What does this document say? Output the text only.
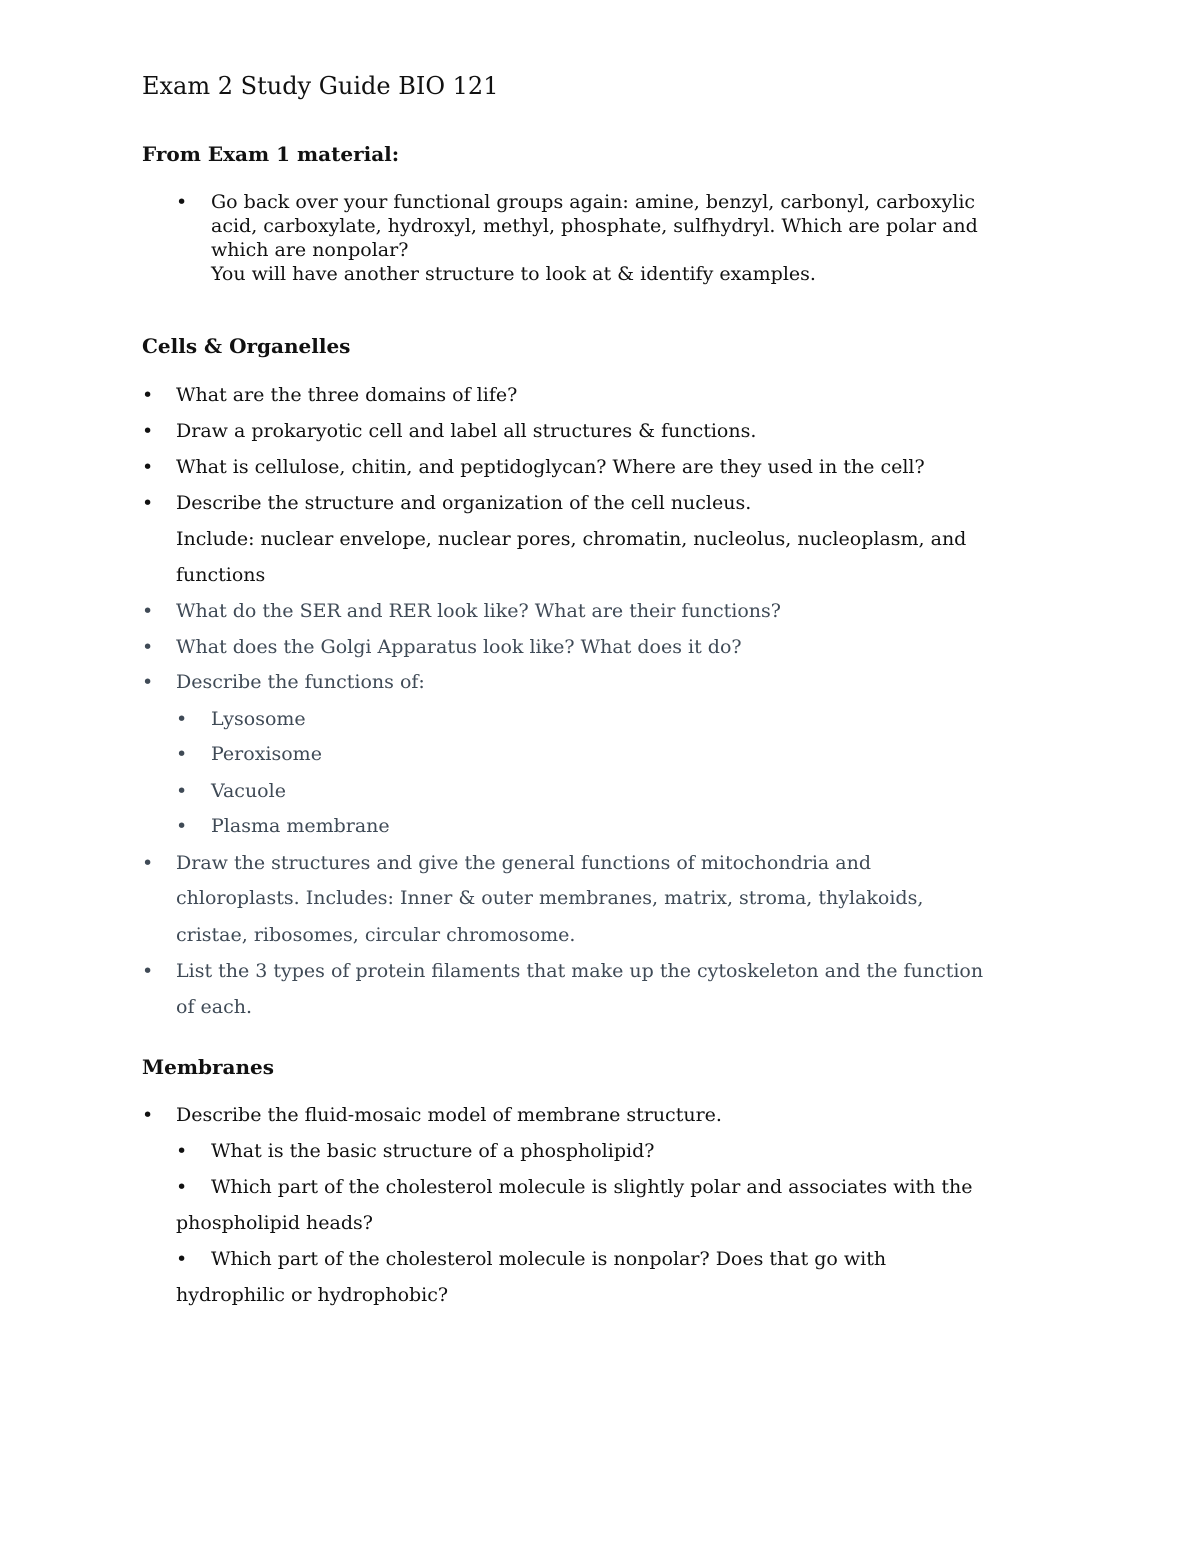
Exam 2 Study Guide BIO 121
From Exam 1 material:
• Go back over your functional groups again: amine, benzyl, carbonyl, carboxylic
acid, carboxylate, hydroxyl, methyl, phosphate, sulfhydryl. Which are polar and
which are nonpolar?
You will have another structure to look at & identify examples.
Cells & Organelles
• What are the three domains of life?
• Draw a prokaryotic cell and label all structures & functions.
• What is cellulose, chitin, and peptidoglycan? Where are they used in the cell?
• Describe the structure and organization of the cell nucleus.
Include: nuclear envelope, nuclear pores, chromatin, nucleolus, nucleoplasm, and
functions
• What do the SER and RER look like? What are their functions?
• What does the Golgi Apparatus look like? What does it do?
• Describe the functions of:
• Lysosome
• Peroxisome
• Vacuole
• Plasma membrane
• Draw the structures and give the general functions of mitochondria and
chloroplasts. Includes: Inner & outer membranes, matrix, stroma, thylakoids,
cristae, ribosomes, circular chromosome.
• List the 3 types of protein filaments that make up the cytoskeleton and the function
of each.
Membranes
• Describe the fluid-mosaic model of membrane structure.
• What is the basic structure of a phospholipid?
• Which part of the cholesterol molecule is slightly polar and associates with the
phospholipid heads?
• Which part of the cholesterol molecule is nonpolar? Does that go with
hydrophilic or hydrophobic?
